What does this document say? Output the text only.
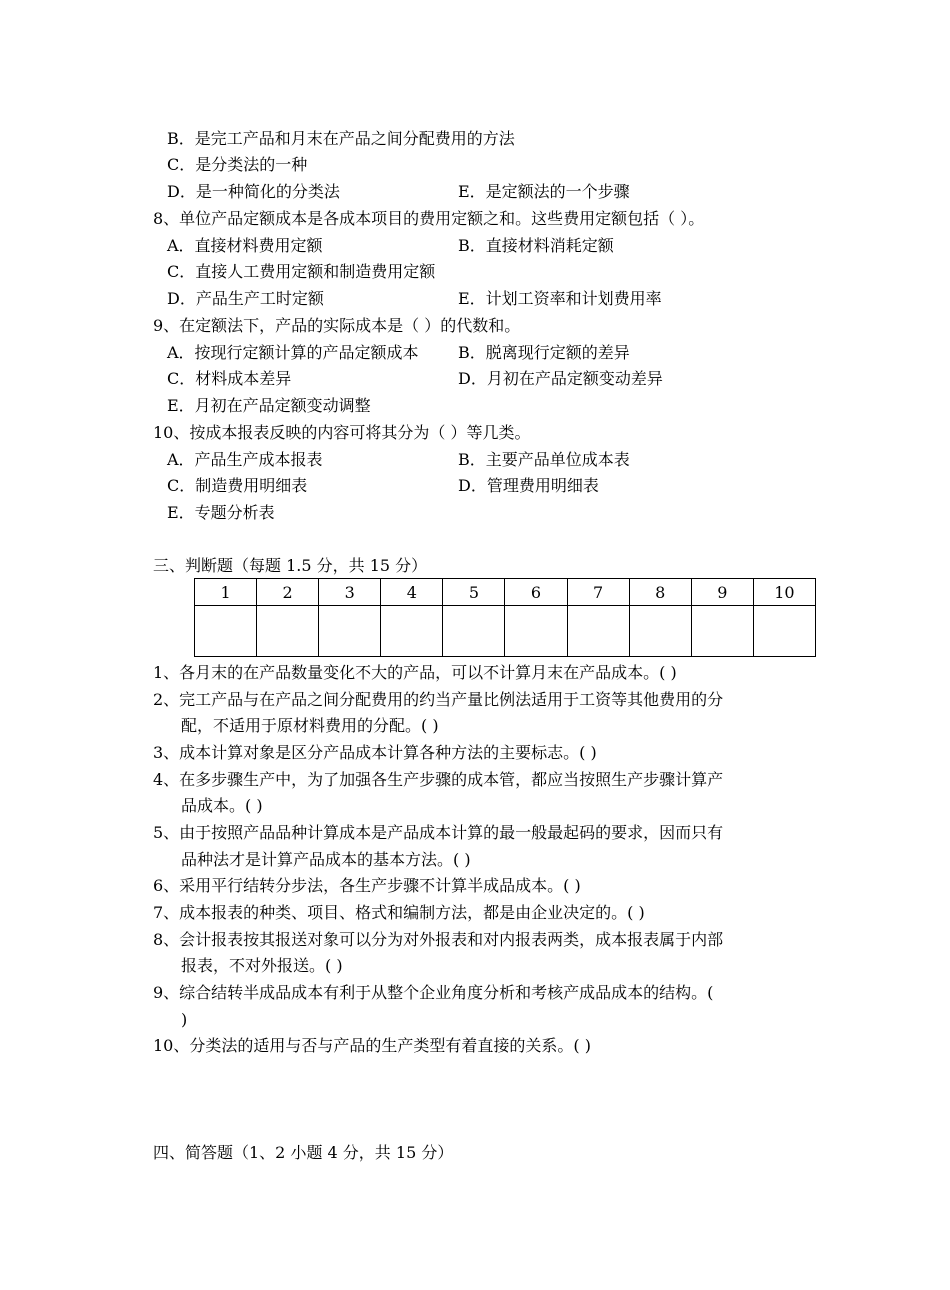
B．是完工产品和月末在产品之间分配费用的方法
C．是分类法的一种
D．是一种简化的分类法	E．是定额法的一个步骤
8、单位产品定额成本是各成本项目的费用定额之和。这些费用定额包括（ ）。
A．直接材料费用定额	B．直接材料消耗定额
C．直接人工费用定额和制造费用定额
D．产品生产工时定额	E．计划工资率和计划费用率
9、在定额法下，产品的实际成本是（ ）的代数和。
A．按现行定额计算的产品定额成本 B．脱离现行定额的差异
C．材料成本差异	D．月初在产品定额变动差异
E．月初在产品定额变动调整
10、按成本报表反映的内容可将其分为（ ）等几类。
A．产品生产成本报表	B．主要产品单位成本表
C．制造费用明细表	D．管理费用明细表
E．专题分析表
三、判断题（每题 1.5 分，共 15 分）
1	2	3	4	5	6	7	8	9	10

1、各月末的在产品数量变化不大的产品，可以不计算月末在产品成本。( )
2、完工产品与在产品之间分配费用的约当产量比例法适用于工资等其他费用的分
配，不适用于原材料费用的分配。( )
3、成本计算对象是区分产品成本计算各种方法的主要标志。( )
4、在多步骤生产中，为了加强各生产步骤的成本管，都应当按照生产步骤计算产
品成本。( )
5、由于按照产品品种计算成本是产品成本计算的最一般最起码的要求，因而只有
品种法才是计算产品成本的基本方法。( )
6、采用平行结转分步法，各生产步骤不计算半成品成本。( )
7、成本报表的种类、项目、格式和编制方法，都是由企业决定的。( )
8、会计报表按其报送对象可以分为对外报表和对内报表两类，成本报表属于内部
报表，不对外报送。( )
9、综合结转半成品成本有利于从整个企业角度分析和考核产成品成本的结构。(
)
10、分类法的适用与否与产品的生产类型有着直接的关系。( )
四、简答题（1、2 小题 4 分，共 15 分）
